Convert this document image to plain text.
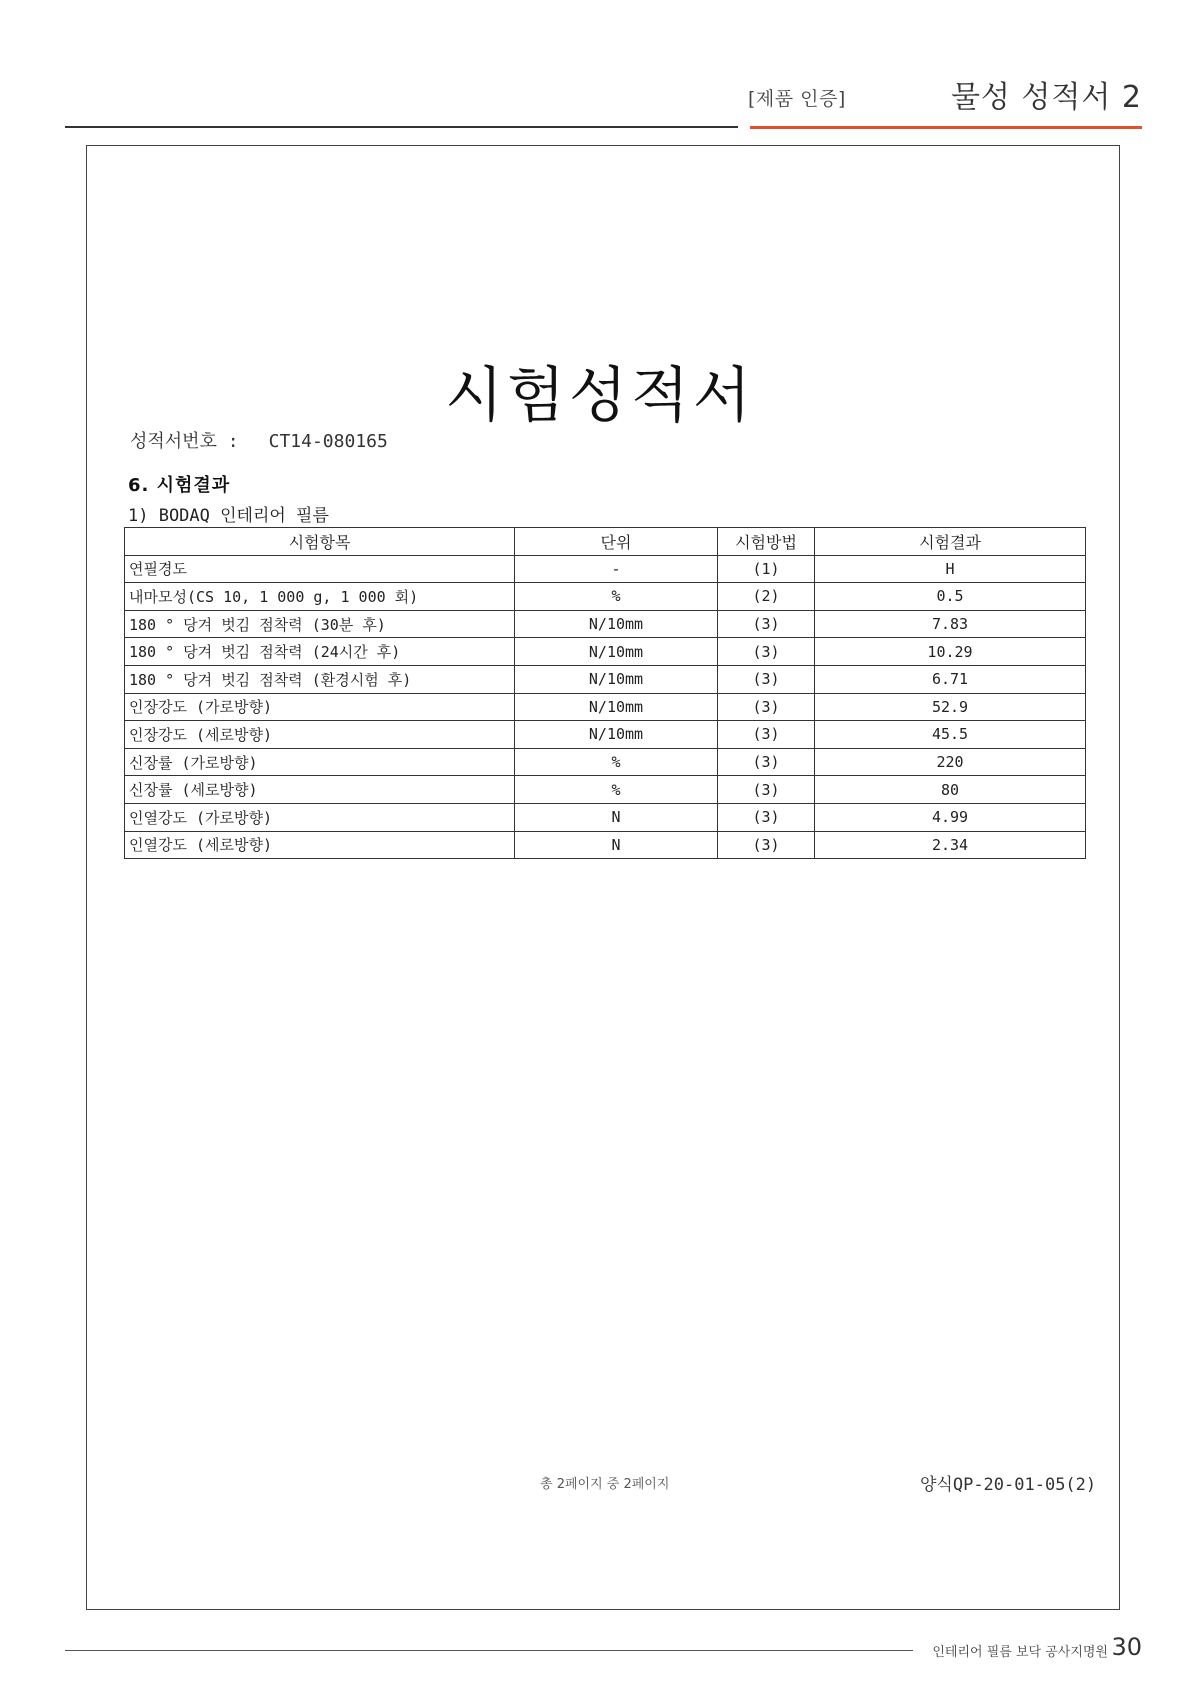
[제품 인증]	물성 성적서 2
시험성적서
성적서번호 : CT14-080165
6. 시험결과
1) BODAQ 인테리어 필름
시험항목	단위	시험방법	시험결과
연필경도	-	(1)	H
내마모성(CS 10, 1 000 g, 1 000 회)	%	(2)	0.5
180 ° 당겨 벗김 점착력 (30분 후)	N/10mm	(3)	7.83
180 ° 당겨 벗김 점착력 (24시간 후)	N/10mm	(3)	10.29
180 ° 당겨 벗김 점착력 (환경시험 후)	N/10mm	(3)	6.71
인장강도 (가로방향)	N/10mm	(3)	52.9
인장강도 (세로방향)	N/10mm	(3)	45.5
신장률 (가로방향)	%	(3)	220
신장률 (세로방향)	%	(3)	80
인열강도 (가로방향)	N	(3)	4.99
인열강도 (세로방향)	N	(3)	2.34
총 2페이지 중 2페이지	양식QP-20-01-05(2)
인테리어 필름 보닥 공사지명원 30
